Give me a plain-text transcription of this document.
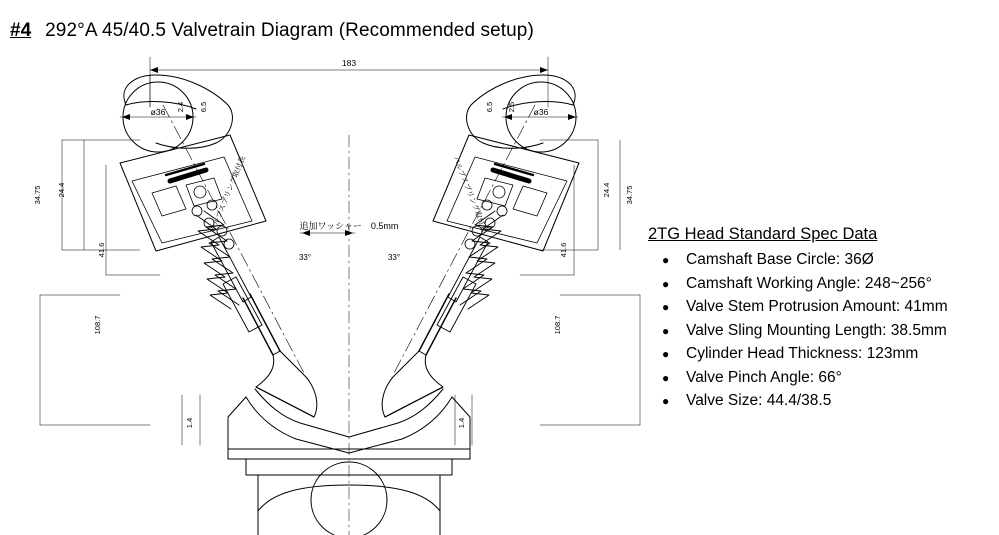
#4 292°A 45/40.5 Valvetrain Diagram (Recommended setup)
183
ø36	ø36
2.4 6.5	6.5 2.5
34.75 24.4
41.6
108.7
1.4
34.75
24.4
41.6
108.7
1.4
33°	33°
追加ワッシャー　0.5mm
バルブスプリング取付長	バルブスプリング取付長
2TG Head Standard Spec Data
● Camshaft Base Circle: 36Ø
● Camshaft Working Angle: 248~256°
● Valve Stem Protrusion Amount: 41mm
● Valve Sling Mounting Length: 38.5mm
● Cylinder Head Thickness: 123mm
● Valve Pinch Angle: 66°
● Valve Size: 44.4/38.5
